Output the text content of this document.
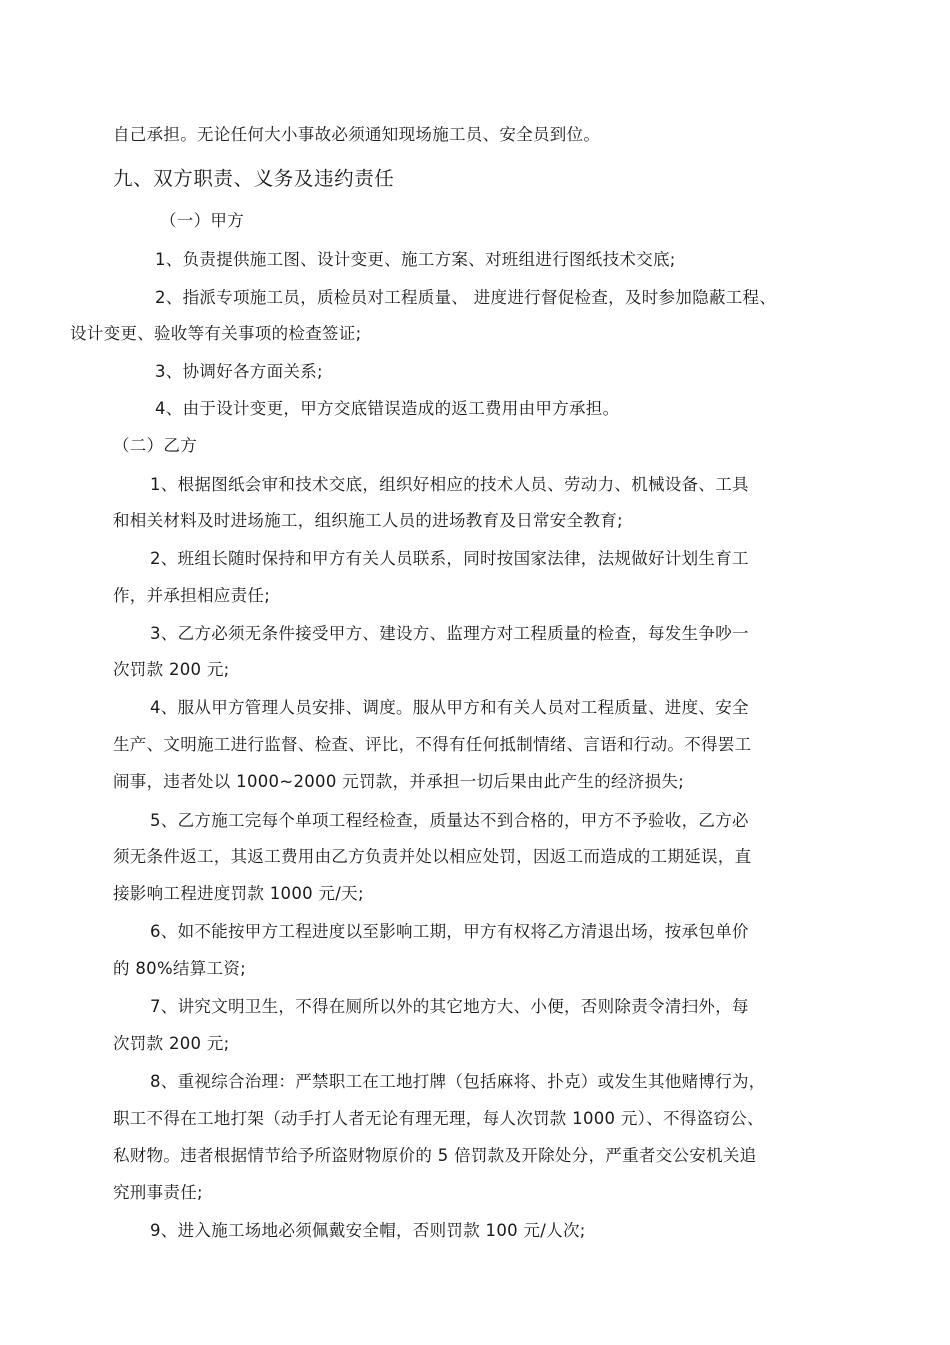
自己承担。无论任何大小事故必须通知现场施工员、安全员到位。
九、双方职责、义务及违约责任
（一）甲方
1、负责提供施工图、设计变更、施工方案、对班组进行图纸技术交底;
2、指派专项施工员，质检员对工程质量、 进度进行督促检查，及时参加隐蔽工程、
设计变更、验收等有关事项的检查签证;
3、协调好各方面关系;
4、由于设计变更，甲方交底错误造成的返工费用由甲方承担。
（二）乙方
1、根据图纸会审和技术交底，组织好相应的技术人员、劳动力、机械设备、工具
和相关材料及时进场施工，组织施工人员的进场教育及日常安全教育;
2、班组长随时保持和甲方有关人员联系，同时按国家法律，法规做好计划生育工
作，并承担相应责任;
3、乙方必须无条件接受甲方、建设方、监理方对工程质量的检查，每发生争吵一
次罚款 200 元;
4、服从甲方管理人员安排、调度。服从甲方和有关人员对工程质量、进度、安全
生产、文明施工进行监督、检查、评比，不得有任何抵制情绪、言语和行动。不得罢工
闹事，违者处以 1000~2000 元罚款，并承担一切后果由此产生的经济损失;
5、乙方施工完每个单项工程经检查，质量达不到合格的，甲方不予验收，乙方必
须无条件返工，其返工费用由乙方负责并处以相应处罚，因返工而造成的工期延误，直
接影响工程进度罚款 1000 元/天;
6、如不能按甲方工程进度以至影响工期，甲方有权将乙方清退出场，按承包单价
的 80%结算工资;
7、讲究文明卫生，不得在厕所以外的其它地方大、小便，否则除责令清扫外，每
次罚款 200 元;
8、重视综合治理：严禁职工在工地打牌（包括麻将、扑克）或发生其他赌博行为，
职工不得在工地打架（动手打人者无论有理无理，每人次罚款 1000 元）、不得盗窃公、
私财物。违者根据情节给予所盗财物原价的 5 倍罚款及开除处分，严重者交公安机关追
究刑事责任;
9、进入施工场地必须佩戴安全帽，否则罚款 100 元/人次;
